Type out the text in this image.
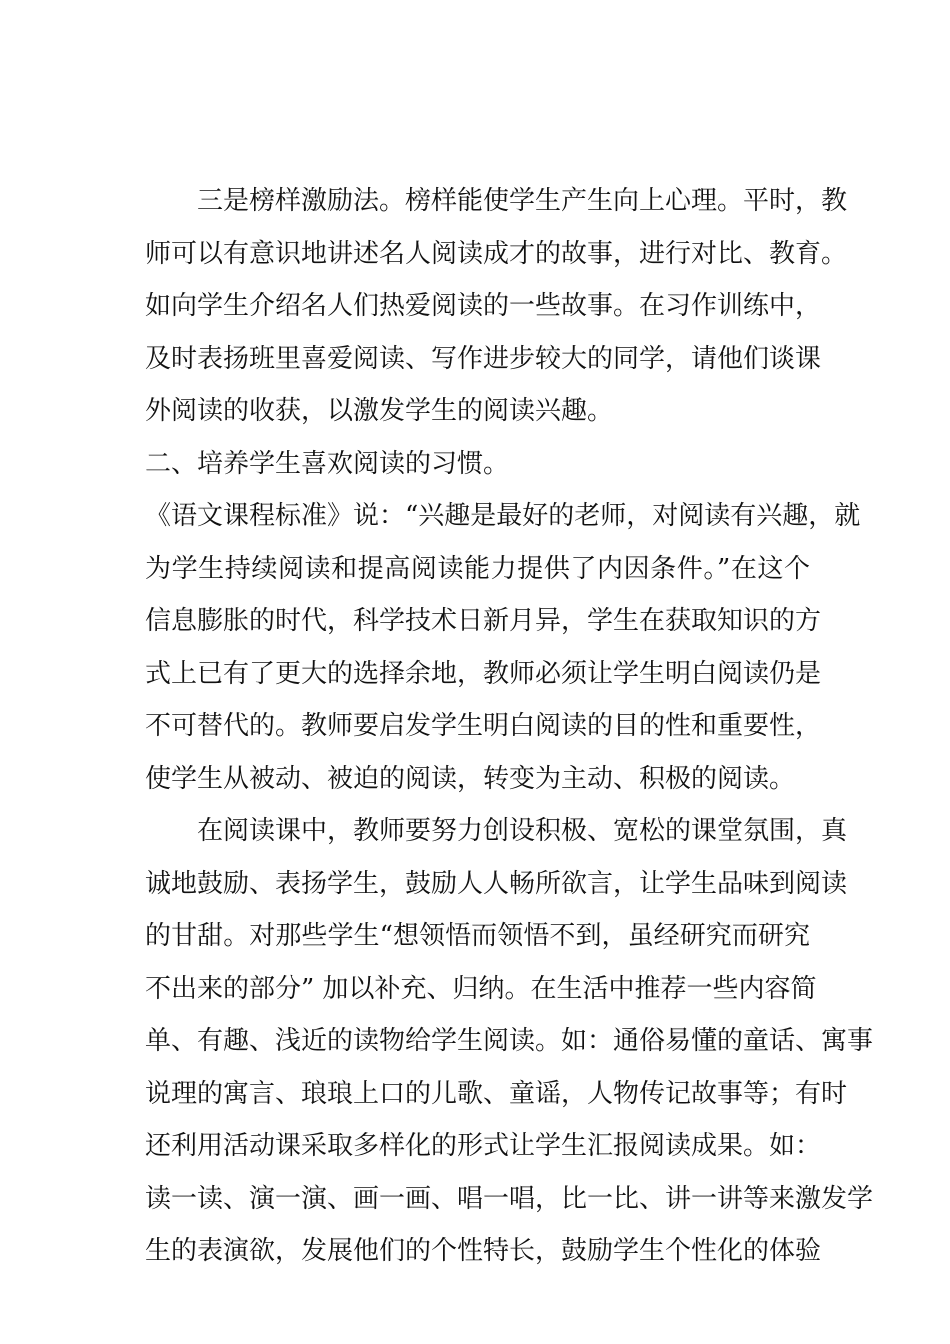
三是榜样激励法。榜样能使学生产生向上心理。平时，教
师可以有意识地讲述名人阅读成才的故事，进行对比、教育。
如向学生介绍名人们热爱阅读的一些故事。在习作训练中，
及时表扬班里喜爱阅读、写作进步较大的同学，请他们谈课
外阅读的收获，以激发学生的阅读兴趣。
二、培养学生喜欢阅读的习惯。
《语文课程标准》说：“兴趣是最好的老师，对阅读有兴趣，就
为学生持续阅读和提高阅读能力提供了内因条件。”在这个
信息膨胀的时代，科学技术日新月异，学生在获取知识的方
式上已有了更大的选择余地，教师必须让学生明白阅读仍是
不可替代的。教师要启发学生明白阅读的目的性和重要性，
使学生从被动、被迫的阅读，转变为主动、积极的阅读。
在阅读课中，教师要努力创设积极、宽松的课堂氛围，真
诚地鼓励、表扬学生，鼓励人人畅所欲言，让学生品味到阅读
的甘甜。对那些学生“想领悟而领悟不到，虽经研究而研究
不出来的部分” 加以补充、归纳。在生活中推荐一些内容简
单、有趣、浅近的读物给学生阅读。如：通俗易懂的童话、寓事
说理的寓言、琅琅上口的儿歌、童谣，人物传记故事等；有时
还利用活动课采取多样化的形式让学生汇报阅读成果。如：
读一读、演一演、画一画、唱一唱，比一比、讲一讲等来激发学
生的表演欲，发展他们的个性特长，鼓励学生个性化的体验
